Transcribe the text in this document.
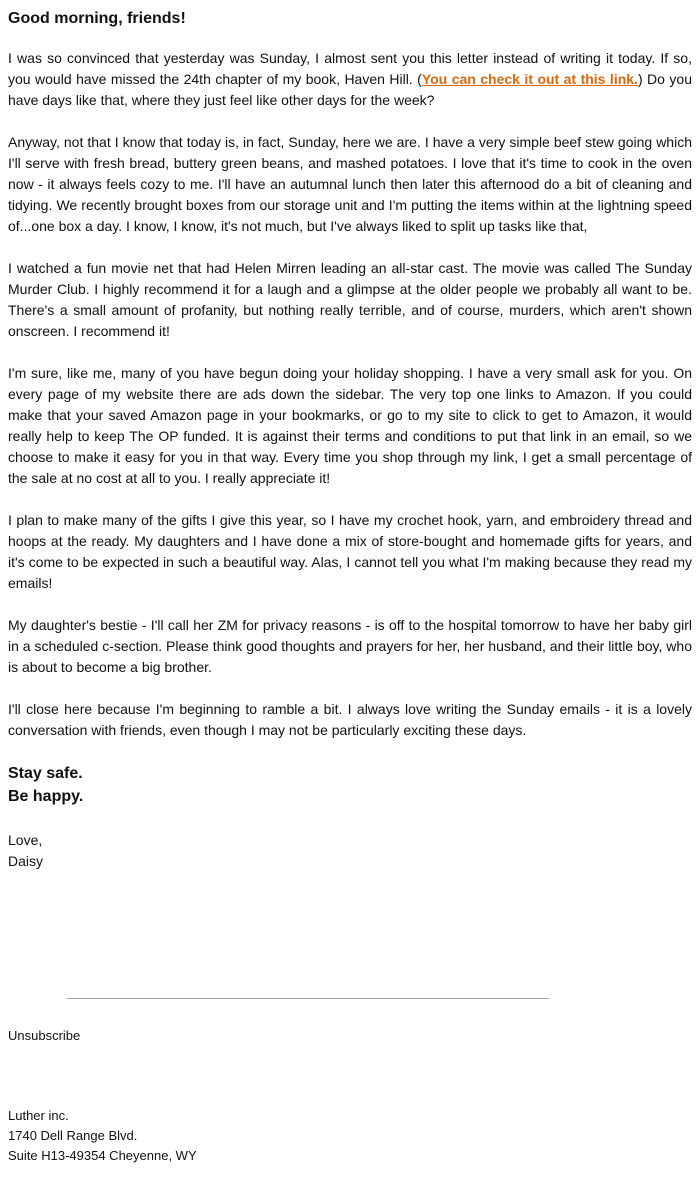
Good morning, friends!

I was so convinced that yesterday was Sunday, I almost sent you this letter instead of writing it today. If so, you would have missed the 24th chapter of my book, Haven Hill. (You can check it out at this link.) Do you have days like that, where they just feel like other days for the week?

Anyway, not that I know that today is, in fact, Sunday, here we are. I have a very simple beef stew going which I'll serve with fresh bread, buttery green beans, and mashed potatoes. I love that it's time to cook in the oven now - it always feels cozy to me. I'll have an autumnal lunch then later this afternood do a bit of cleaning and tidying. We recently brought boxes from our storage unit and I'm putting the items within at the lightning speed of...one box a day. I know, I know, it's not much, but I've always liked to split up tasks like that,

I watched a fun movie net that had Helen Mirren leading an all-star cast. The movie was called The Sunday Murder Club. I highly recommend it for a laugh and a glimpse at the older people we probably all want to be. There's a small amount of profanity, but nothing really terrible, and of course, murders, which aren't shown onscreen. I recommend it!

I'm sure, like me, many of you have begun doing your holiday shopping. I have a very small ask for you. On every page of my website there are ads down the sidebar. The very top one links to Amazon. If you could make that your saved Amazon page in your bookmarks, or go to my site to click to get to Amazon, it would really help to keep The OP funded. It is against their terms and conditions to put that link in an email, so we choose to make it easy for you in that way. Every time you shop through my link, I get a small percentage of the sale at no cost at all to you. I really appreciate it!

I plan to make many of the gifts I give this year, so I have my crochet hook, yarn, and embroidery thread and hoops at the ready. My daughters and I have done a mix of store-bought and homemade gifts for years, and it's come to be expected in such a beautiful way. Alas, I cannot tell you what I'm making because they read my emails!

My daughter's bestie - I'll call her ZM for privacy reasons - is off to the hospital tomorrow to have her baby girl in a scheduled c-section. Please think good thoughts and prayers for her, her husband, and their little boy, who is about to become a big brother.

I'll close here because I'm beginning to ramble a bit. I always love writing the Sunday emails - it is a lovely conversation with friends, even though I may not be particularly exciting these days.

Stay safe.
Be happy.
Love,
Daisy
Unsubscribe
Luther inc.
1740 Dell Range Blvd.
Suite H13-49354 Cheyenne, WY
